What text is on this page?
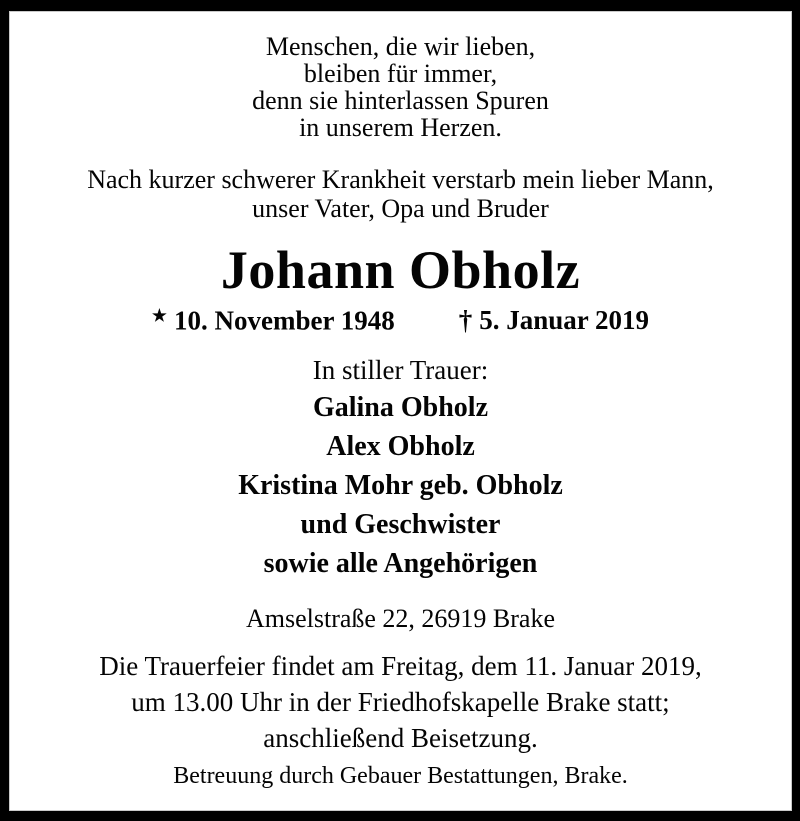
Menschen, die wir lieben,
bleiben für immer,
denn sie hinterlassen Spuren
in unserem Herzen.
Nach kurzer schwerer Krankheit verstarb mein lieber Mann,
unser Vater, Opa und Bruder
Johann Obholz
★ 10. November 1948 † 5. Januar 2019
In stiller Trauer:
Galina Obholz
Alex Obholz
Kristina Mohr geb. Obholz
und Geschwister
sowie alle Angehörigen
Amselstraße 22, 26919 Brake
Die Trauerfeier findet am Freitag, dem 11. Januar 2019,
um 13.00 Uhr in der Friedhofskapelle Brake statt;
anschließend Beisetzung.
Betreuung durch Gebauer Bestattungen, Brake.
